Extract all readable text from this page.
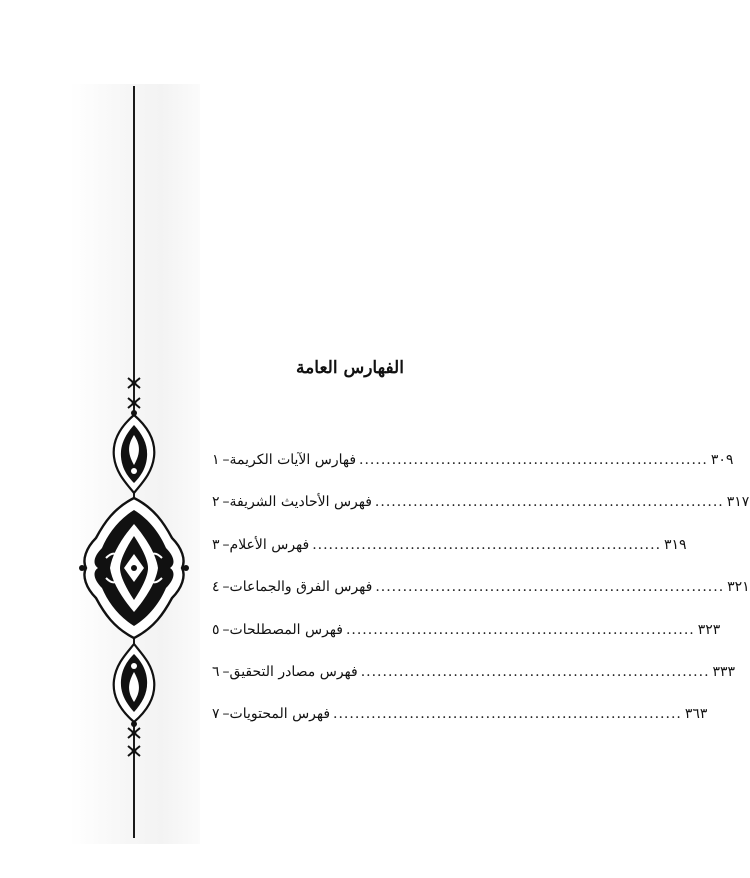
الفهارس العامة
١ – فهارس الآيات الكريمة ................................................................ ٣٠٩
٢ – فهرس الأحاديث الشريفة ................................................................ ٣١٧
٣ – فهرس الأعلام ................................................................ ٣١٩
٤ – فهرس الفرق والجماعات ................................................................ ٣٢١
٥ – فهرس المصطلحات ................................................................ ٣٢٣
٦ – فهرس مصادر التحقيق ................................................................ ٣٣٣
٧ – فهرس المحتويات ................................................................ ٣٦٣
